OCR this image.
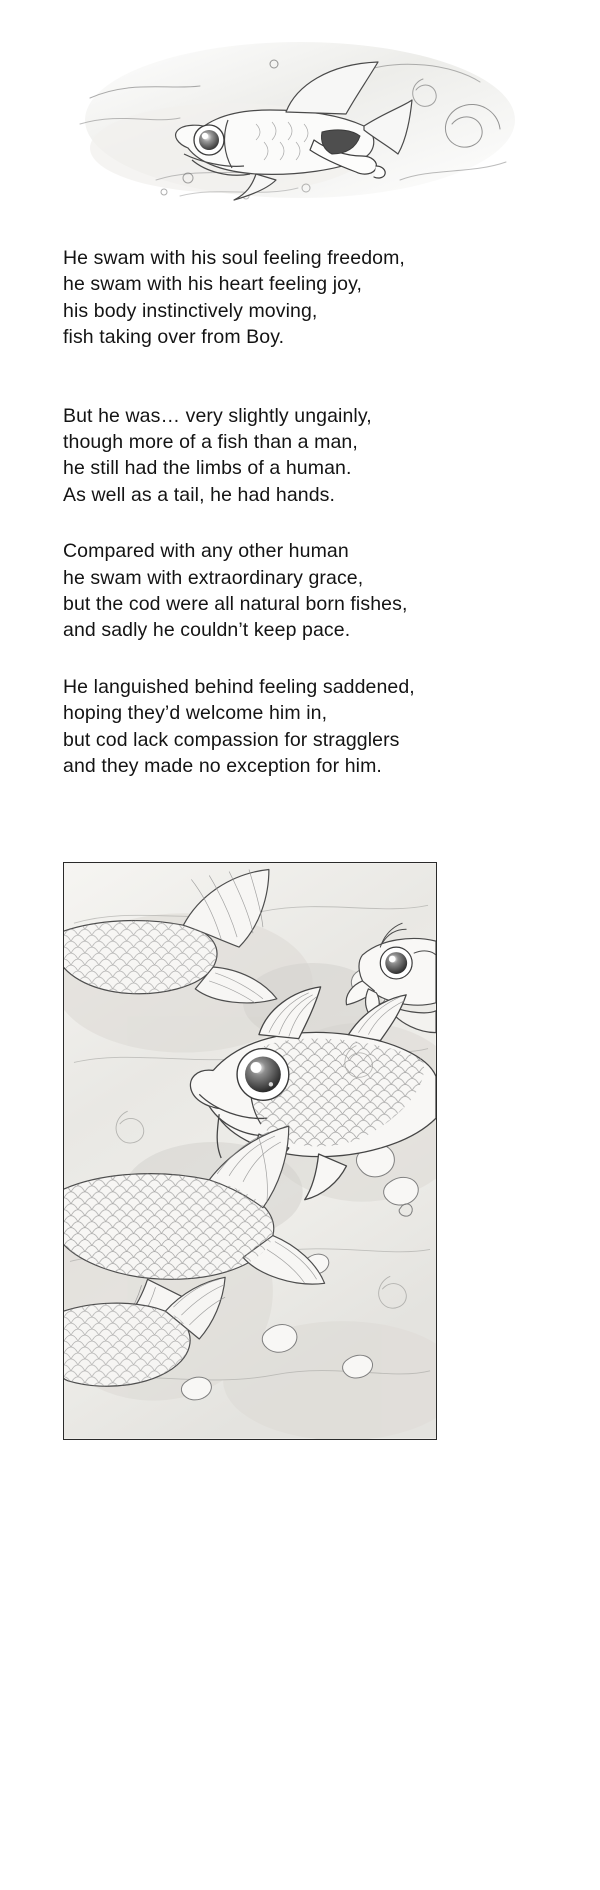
He swam with his soul feeling freedom,
he swam with his heart feeling joy,
his body instinctively moving,
fish taking over from Boy.
But he was… very slightly ungainly,
though more of a fish than a man,
he still had the limbs of a human.
As well as a tail, he had hands.
Compared with any other human
he swam with extraordinary grace,
but the cod were all natural born fishes,
and sadly he couldn’t keep pace.
He languished behind feeling saddened,
hoping they’d welcome him in,
but cod lack compassion for stragglers
and they made no exception for him.
